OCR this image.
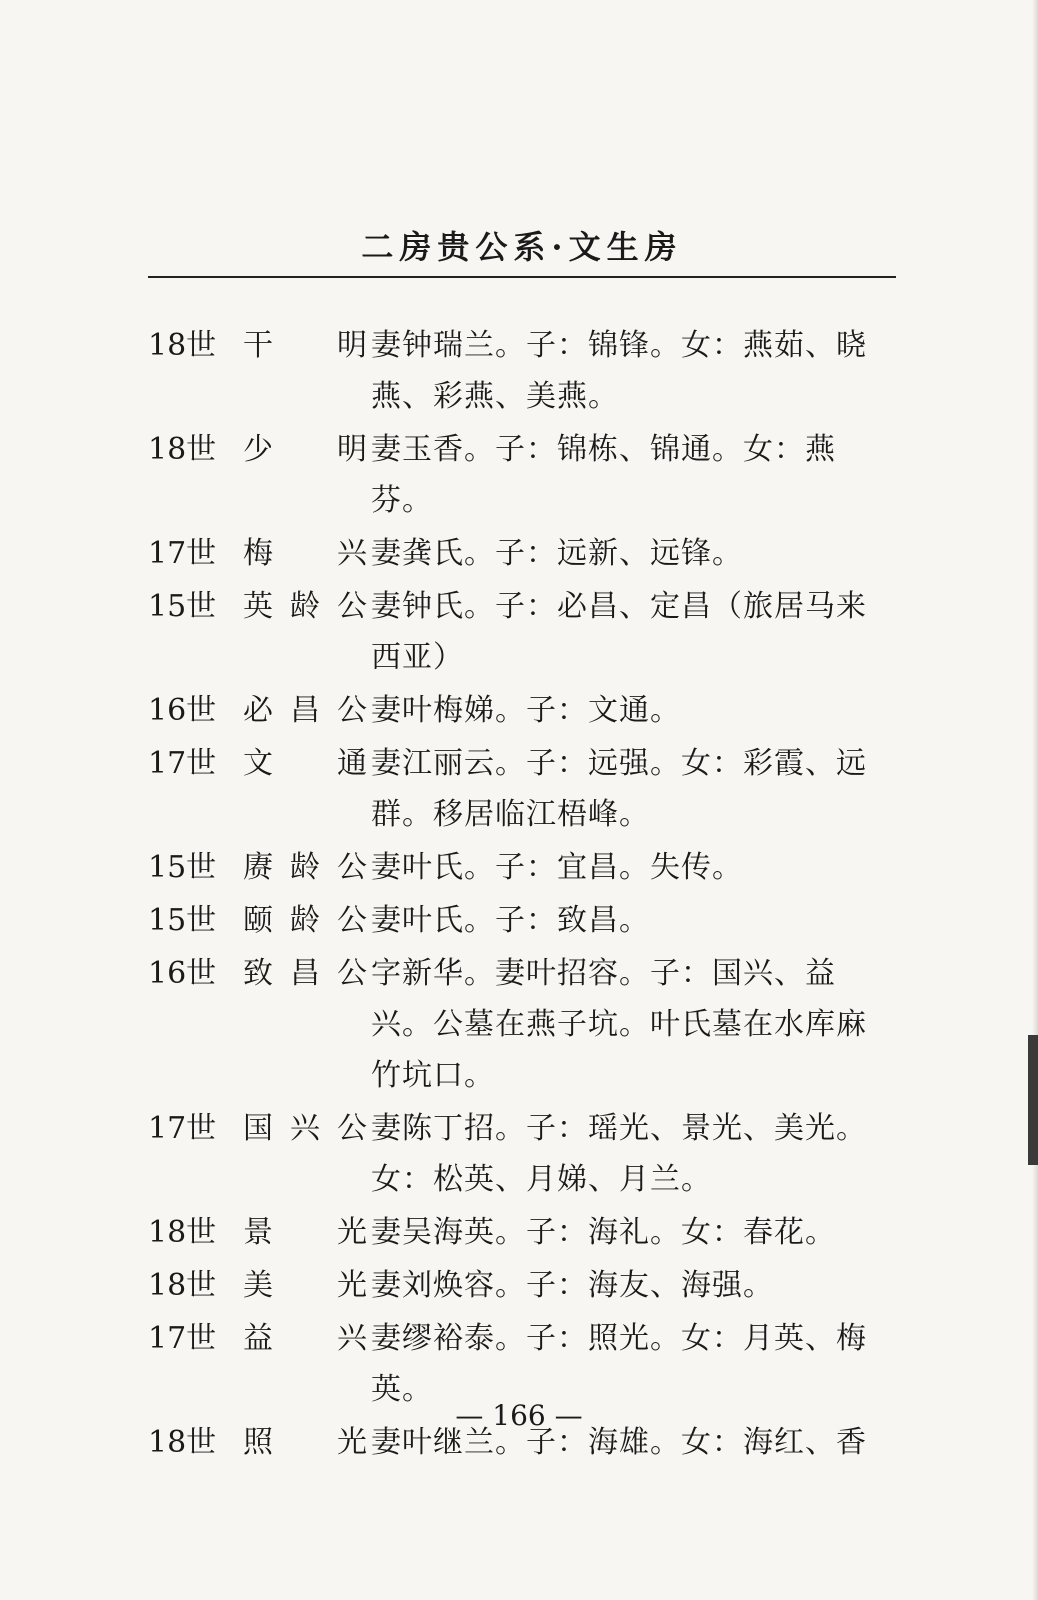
二房贵公系·文生房
18世 干明 妻钟瑞兰。子：锦锋。女：燕茹、晓燕、彩燕、美燕。
18世 少明 妻玉香。子：锦栋、锦通。女：燕芬。
17世 梅兴 妻龚氏。子：远新、远锋。
15世 英龄公 妻钟氏。子：必昌、定昌（旅居马来西亚）
16世 必昌公 妻叶梅娣。子：文通。
17世 文通 妻江丽云。子：远强。女：彩霞、远群。移居临江梧峰。
15世 赓龄公 妻叶氏。子：宜昌。失传。
15世 颐龄公 妻叶氏。子：致昌。
16世 致昌公 字新华。妻叶招容。子：国兴、益兴。公墓在燕子坑。叶氏墓在水库麻竹坑口。
17世 国兴公 妻陈丁招。子：瑶光、景光、美光。女：松英、月娣、月兰。
18世 景光 妻吴海英。子：海礼。女：春花。
18世 美光 妻刘焕容。子：海友、海强。
17世 益兴 妻缪裕泰。子：照光。女：月英、梅英。
18世 照光 妻叶继兰。子：海雄。女：海红、香
— 166 —
